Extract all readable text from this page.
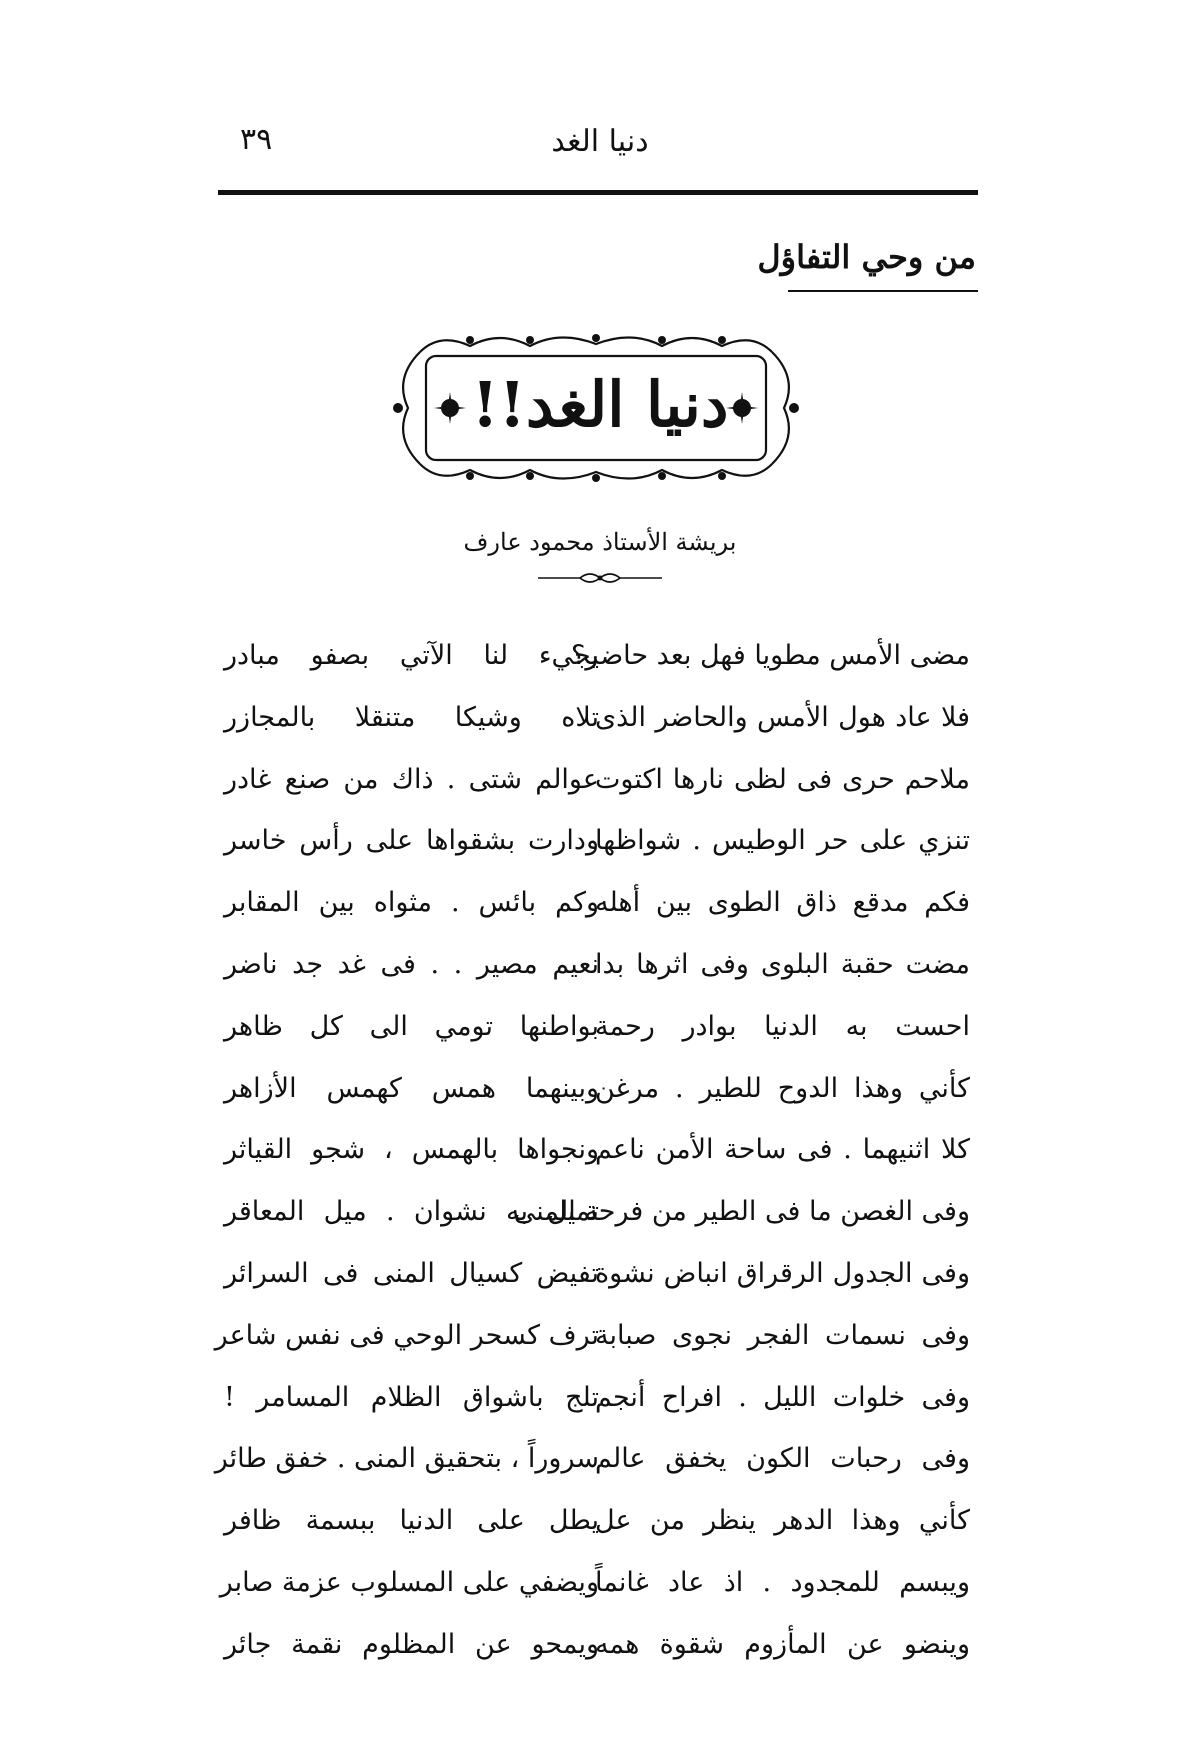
دنيا الغد
٣٩
من وحي التفاؤل
دنيا الغد!!
بريشة الأستاذ محمود عارف
مضى الأمس مطويا فهل بعد حاضر؟
فلا عاد هول الأمس والحاضر الذى
ملاحم حرى فى لظى نارها اكتوت
تنزي على حر الوطيس . شواظها
فكم مدقع ذاق الطوى بين أهله
مضت حقبة البلوى وفى اثرها بدا
احست به الدنيا بوادر رحمة
كأني وهذا الدوح للطير . مرغن
كلا اثنيهما . فى ساحة الأمن ناعم
وفى الغصن ما فى الطير من فرحة المنى
وفى الجدول الرقراق انباض نشوة
وفى نسمات الفجر نجوى صبابة
وفى خلوات الليل . افراح أنجم
وفى رحبات الكون يخفق عالم
كأني وهذا الدهر ينظر من عل
ويبسم للمجدود . اذ عاد غانماً
وينضو عن المأزوم شقوة همه
يجيء لنا الآتي بصفو مبادر
تلاه وشيكا متنقلا بالمجازر
عوالم شتى . ذاك من صنع غادر
ودارت بشقواها على رأس خاسر
وكم بائس . مثواه بين المقابر
نعيم مصير . . فى غد جد ناضر
بواطنها تومي الى كل ظاهر
وبينهما همس كهمس الأزاهر
ونجواها بالهمس ، شجو القياثر
تميل به نشوان . ميل المعاقر
تفيض كسيال المنى فى السرائر
ترف كسحر الوحي فى نفس شاعر
تلج باشواق الظلام المسامر !
سروراً ، بتحقيق المنى . خفق طائر
يطل على الدنيا ببسمة ظافر
ويضفي على المسلوب عزمة صابر
ويمحو عن المظلوم نقمة جائر
